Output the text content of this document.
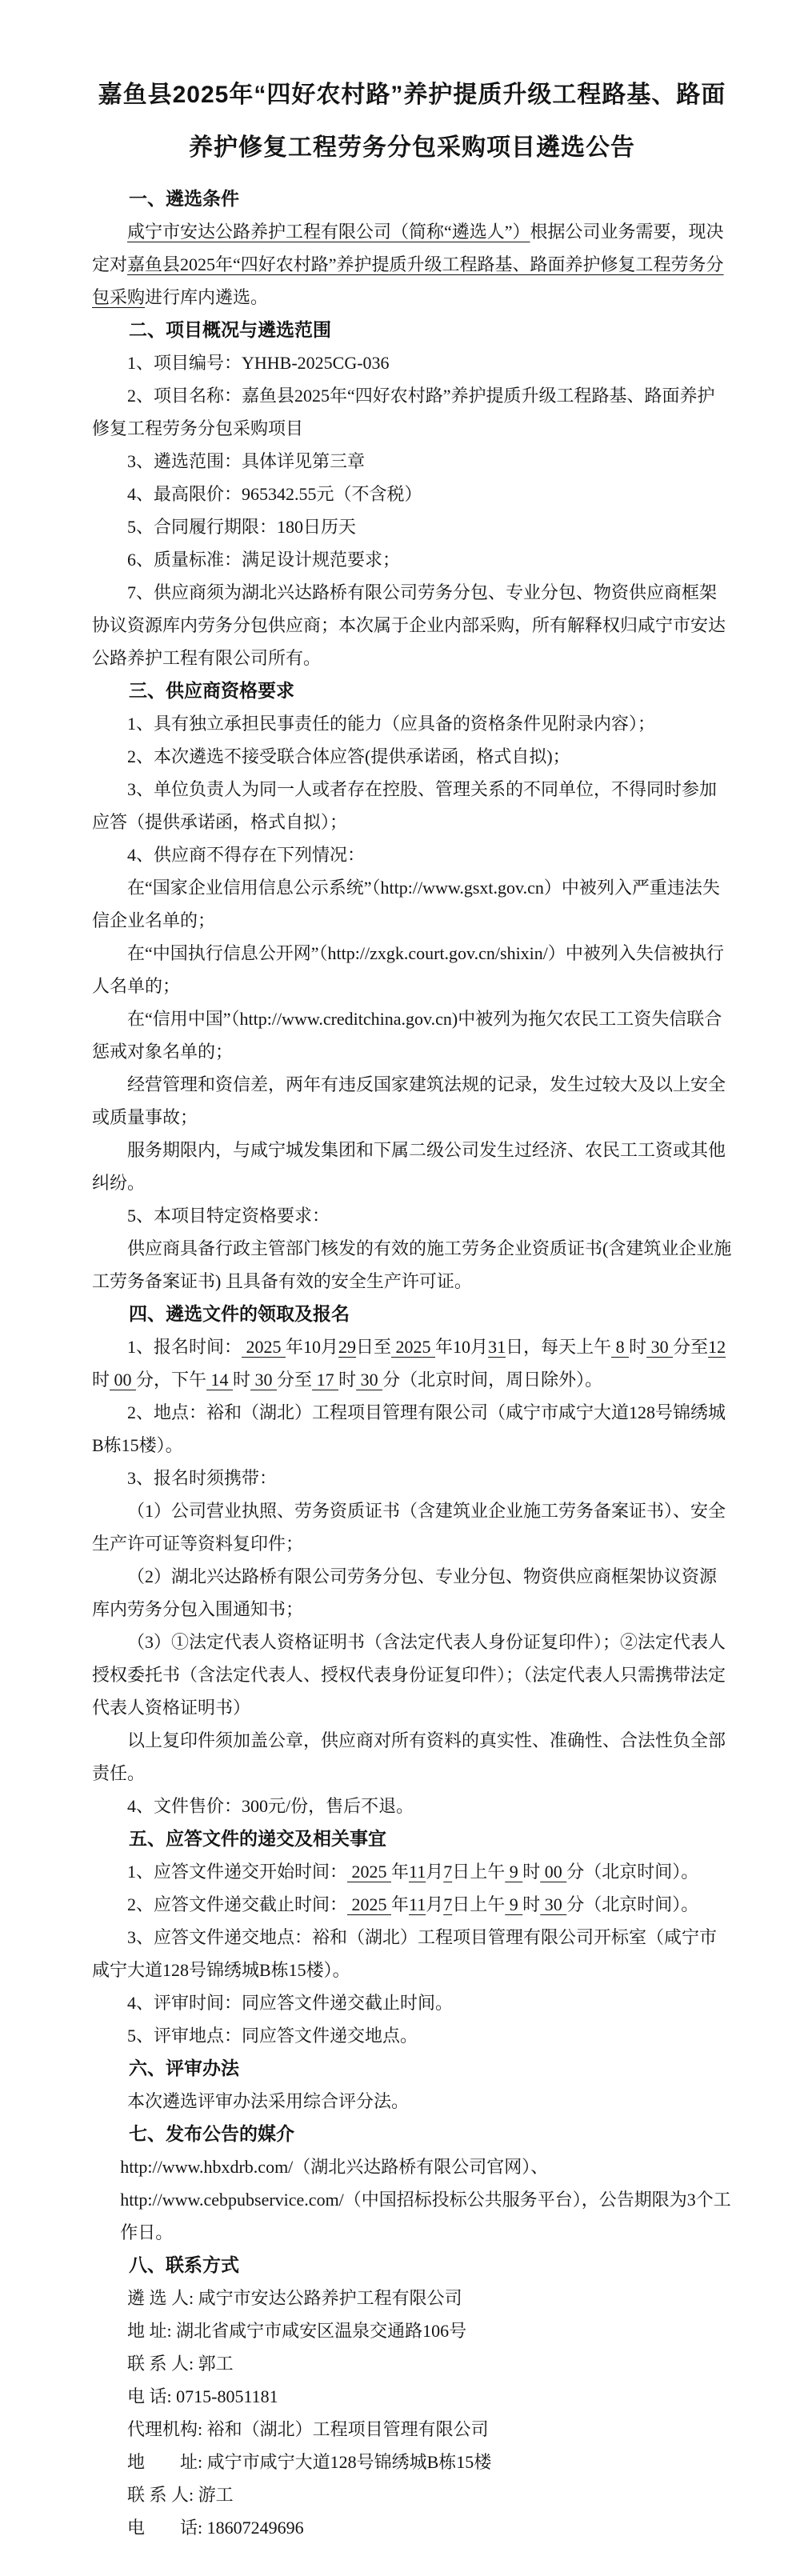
嘉鱼县2025年“四好农村路”养护提质升级工程路基、路面
养护修复工程劳务分包采购项目遴选公告

一、遴选条件

咸宁市安达公路养护工程有限公司（简称“遴选人”）根据公司业务需要，现决定对嘉鱼县2025年“四好农村路”养护提质升级工程路基、路面养护修复工程劳务分包采购进行库内遴选。

二、项目概况与遴选范围

1、项目编号：YHHB-2025CG-036

2、项目名称：嘉鱼县2025年“四好农村路”养护提质升级工程路基、路面养护修复工程劳务分包采购项目

3、遴选范围：具体详见第三章

4、最高限价：965342.55元（不含税）

5、合同履行期限：180日历天

6、质量标准：满足设计规范要求；

7、供应商须为湖北兴达路桥有限公司劳务分包、专业分包、物资供应商框架协议资源库内劳务分包供应商；本次属于企业内部采购，所有解释权归咸宁市安达公路养护工程有限公司所有。

三、供应商资格要求

1、具有独立承担民事责任的能力（应具备的资格条件见附录内容）；

2、本次遴选不接受联合体应答(提供承诺函，格式自拟)；

3、单位负责人为同一人或者存在控股、管理关系的不同单位，不得同时参加应答（提供承诺函，格式自拟）；

4、供应商不得存在下列情况：

在“国家企业信用信息公示系统”（http://www.gsxt.gov.cn）中被列入严重违法失信企业名单的；

在“中国执行信息公开网”（http://zxgk.court.gov.cn/shixin/）中被列入失信被执行人名单的；

在“信用中国”（http://www.creditchina.gov.cn)中被列为拖欠农民工工资失信联合惩戒对象名单的；

经营管理和资信差，两年有违反国家建筑法规的记录，发生过较大及以上安全或质量事故；

服务期限内，与咸宁城发集团和下属二级公司发生过经济、农民工工资或其他纠纷。

5、本项目特定资格要求：

供应商具备行政主管部门核发的有效的施工劳务企业资质证书(含建筑业企业施工劳务备案证书) 且具备有效的安全生产许可证。

四、遴选文件的领取及报名

1、报名时间： 2025 年10月29日至 2025 年10月31日，每天上午 8 时 30 分至12时 00 分，下午 14 时 30 分至 17 时 30 分（北京时间，周日除外）。

2、地点：裕和（湖北）工程项目管理有限公司（咸宁市咸宁大道128号锦绣城B栋15楼）。

3、报名时须携带：

（1）公司营业执照、劳务资质证书（含建筑业企业施工劳务备案证书）、安全生产许可证等资料复印件；

（2）湖北兴达路桥有限公司劳务分包、专业分包、物资供应商框架协议资源库内劳务分包入围通知书；

（3）①法定代表人资格证明书（含法定代表人身份证复印件）；②法定代表人授权委托书（含法定代表人、授权代表身份证复印件）；（法定代表人只需携带法定代表人资格证明书）

以上复印件须加盖公章，供应商对所有资料的真实性、准确性、合法性负全部责任。

4、文件售价：300元/份，售后不退。

五、应答文件的递交及相关事宜

1、应答文件递交开始时间： 2025 年11月7日上午 9 时 00 分（北京时间）。

2、应答文件递交截止时间： 2025 年11月7日上午 9 时 30 分（北京时间）。

3、应答文件递交地点：裕和（湖北）工程项目管理有限公司开标室（咸宁市咸宁大道128号锦绣城B栋15楼）。

4、评审时间：同应答文件递交截止时间。

5、评审地点：同应答文件递交地点。

六、评审办法

本次遴选评审办法采用综合评分法。

七、发布公告的媒介

http://www.hbxdrb.com/（湖北兴达路桥有限公司官网）、

http://www.cebpubservice.com/（中国招标投标公共服务平台），公告期限为3个工作日。

八、联系方式

遴 选 人: 咸宁市安达公路养护工程有限公司

地 址: 湖北省咸宁市咸安区温泉交通路106号

联 系 人: 郭工

电 话: 0715-8051181

代理机构: 裕和（湖北）工程项目管理有限公司

地　　址: 咸宁市咸宁大道128号锦绣城B栋15楼

联 系 人: 游工

电　　话: 18607249696
